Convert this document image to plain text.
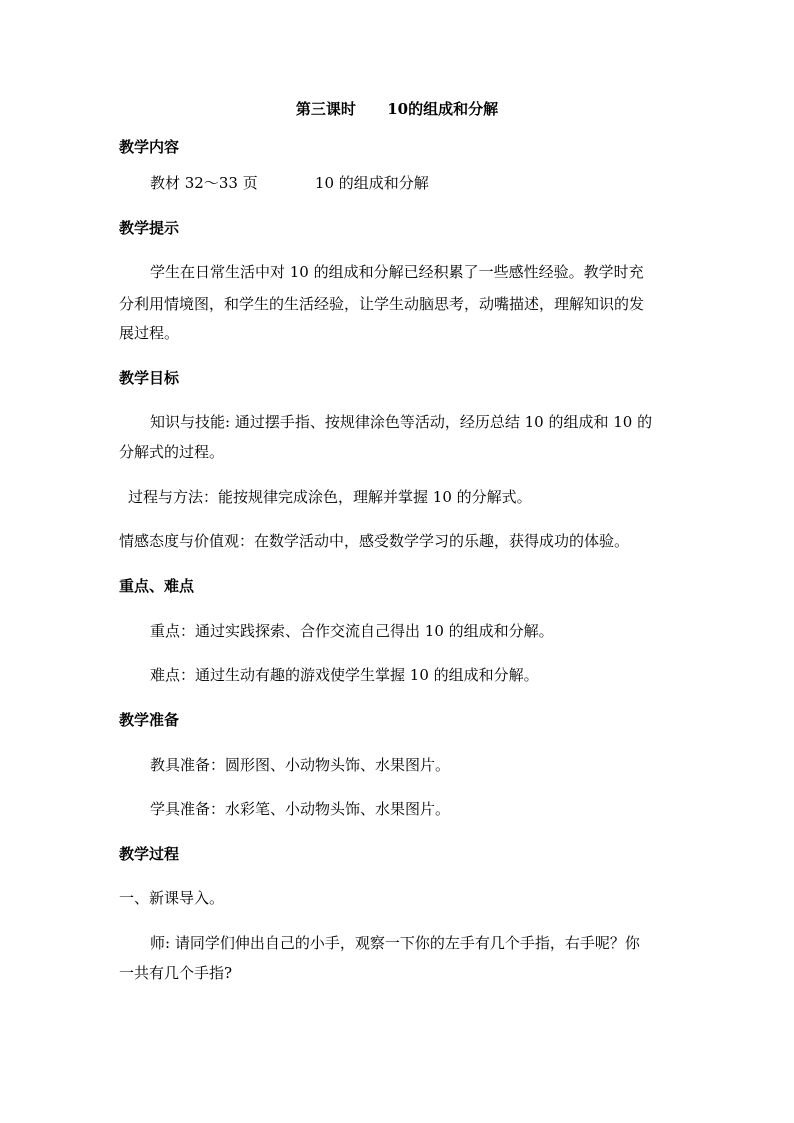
第三课时      10的组成和分解
教学内容
教材 32～33 页            10 的组成和分解
教学提示
学生在日常生活中对 10 的组成和分解已经积累了一些感性经验。教学时充
分利用情境图，和学生的生活经验，让学生动脑思考，动嘴描述，理解知识的发
展过程。
教学目标
知识与技能: 通过摆手指、按规律涂色等活动，经历总结 10 的组成和 10 的
分解式的过程。
过程与方法：能按规律完成涂色，理解并掌握 10 的分解式。
情感态度与价值观：在数学活动中，感受数学学习的乐趣，获得成功的体验。
重点、难点
重点：通过实践探索、合作交流自己得出 10 的组成和分解。
难点：通过生动有趣的游戏使学生掌握 10 的组成和分解。
教学准备
教具准备：圆形图、小动物头饰、水果图片。
学具准备：水彩笔、小动物头饰、水果图片。
教学过程
一、新课导入。
师: 请同学们伸出自己的小手，观察一下你的左手有几个手指，右手呢？你
一共有几个手指?
